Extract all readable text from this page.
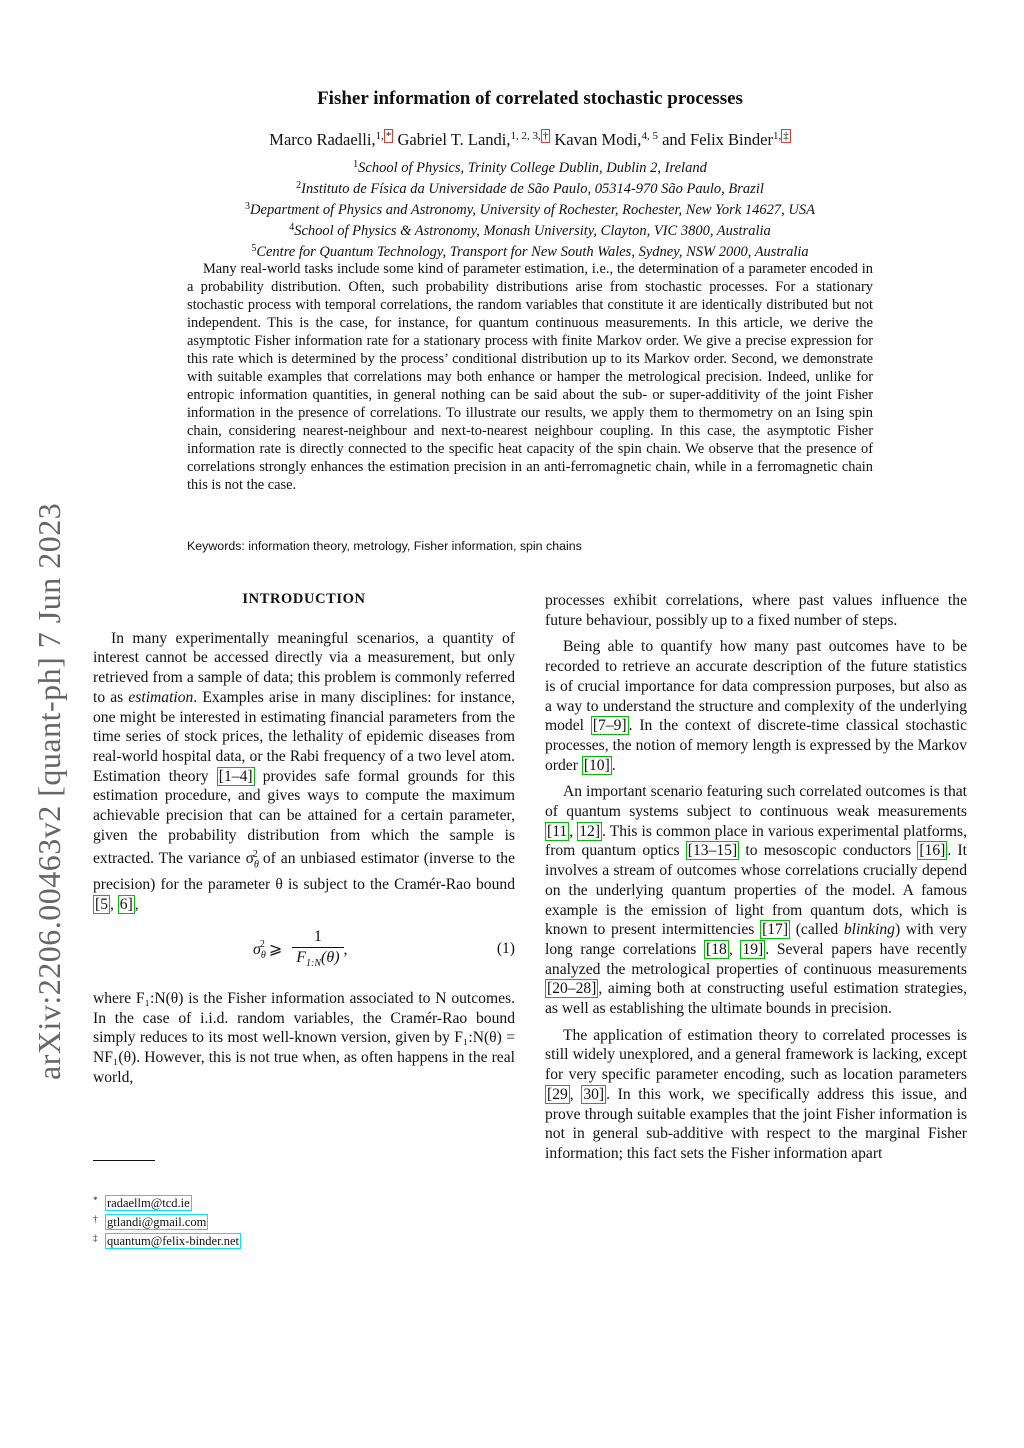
arXiv:2206.00463v2 [quant-ph] 7 Jun 2023
Fisher information of correlated stochastic processes
Marco Radaelli,$^{1,}$ * Gabriel T. Landi,$^{1, 2, 3,}$ † Kavan Modi,$^{4, 5}$ and Felix Binder$^{1,}$ ‡
$^1$School of Physics, Trinity College Dublin, Dublin 2, Ireland
$^2$Instituto de Física da Universidade de São Paulo, 05314-970 São Paulo, Brazil
$^3$Department of Physics and Astronomy, University of Rochester, Rochester, New York 14627, USA
$^4$School of Physics & Astronomy, Monash University, Clayton, VIC 3800, Australia
$^5$Centre for Quantum Technology, Transport for New South Wales, Sydney, NSW 2000, Australia
Many real-world tasks include some kind of parameter estimation, i.e., the determination of a parameter encoded in a probability distribution. Often, such probability distributions arise from stochastic processes. For a stationary stochastic process with temporal correlations, the random variables that constitute it are identically distributed but not independent. This is the case, for instance, for quantum continuous measurements. In this article, we derive the asymptotic Fisher information rate for a stationary process with finite Markov order. We give a precise expression for this rate which is determined by the process’ conditional distribution up to its Markov order. Second, we demonstrate with suitable examples that correlations may both enhance or hamper the metrological precision. Indeed, unlike for entropic information quantities, in general nothing can be said about the sub- or super-additivity of the joint Fisher information in the presence of correlations. To illustrate our results, we apply them to thermometry on an Ising spin chain, considering nearest-neighbour and next-to-nearest neighbour coupling. In this case, the asymptotic Fisher information rate is directly connected to the specific heat capacity of the spin chain. We observe that the presence of correlations strongly enhances the estimation precision in an anti-ferromagnetic chain, while in a ferromagnetic chain this is not the case.
Keywords: information theory, metrology, Fisher information, spin chains
INTRODUCTION

In many experimentally meaningful scenarios, a quantity of interest cannot be accessed directly via a measurement, but only retrieved from a sample of data; this problem is commonly referred to as estimation. Examples arise in many disciplines: for instance, one might be interested in estimating financial parameters from the time series of stock prices, the lethality of epidemic diseases from real-world hospital data, or the Rabi frequency of a two level atom. Estimation theory [1–4] provides safe formal grounds for this estimation procedure, and gives ways to compute the maximum achievable precision that can be attained for a certain parameter, given the probability distribution from which the sample is extracted. The variance $\sigma_\theta^2$ of an unbiased estimator (inverse to the precision) for the parameter θ is subject to the Cramér-Rao bound [5 , 6] ,

$\sigma_\theta^2$ ⩾ $\frac{1}{F_{1:N}(\theta)}$ ,	(1)

where F₁:N(θ) is the Fisher information associated to N outcomes. In the case of i.i.d. random variables, the Cramér-Rao bound simply reduces to its most well-known version, given by F₁:N(θ) = NF₁(θ). However, this is not true when, as often happens in the real world,

processes exhibit correlations, where past values influence the future behaviour, possibly up to a fixed number of steps.

Being able to quantify how many past outcomes have to be recorded to retrieve an accurate description of the future statistics is of crucial importance for data compression purposes, but also as a way to understand the structure and complexity of the underlying model [7–9] . In the context of discrete-time classical stochastic processes, the notion of memory length is expressed by the Markov order [10] .

An important scenario featuring such correlated outcomes is that of quantum systems subject to continuous weak measurements [11 , 12] . This is common place in various experimental platforms, from quantum optics [13–15] to mesoscopic conductors [16] . It involves a stream of outcomes whose correlations crucially depend on the underlying quantum properties of the model. A famous example is the emission of light from quantum dots, which is known to present intermittencies [17] (called blinking) with very long range correlations [18 , 19] . Several papers have recently analyzed the metrological properties of continuous measurements [20–28] , aiming both at constructing useful estimation strategies, as well as establishing the ultimate bounds in precision.

The application of estimation theory to correlated processes is still widely unexplored, and a general framework is lacking, except for very specific parameter encoding, such as location parameters [29 , 30] . In this work, we specifically address this issue, and prove through suitable examples that the joint Fisher information is not in general sub-additive with respect to the marginal Fisher information; this fact sets the Fisher information apart

* radaellm@tcd.ie
† gtlandi@gmail.com
‡ quantum@felix-binder.net
